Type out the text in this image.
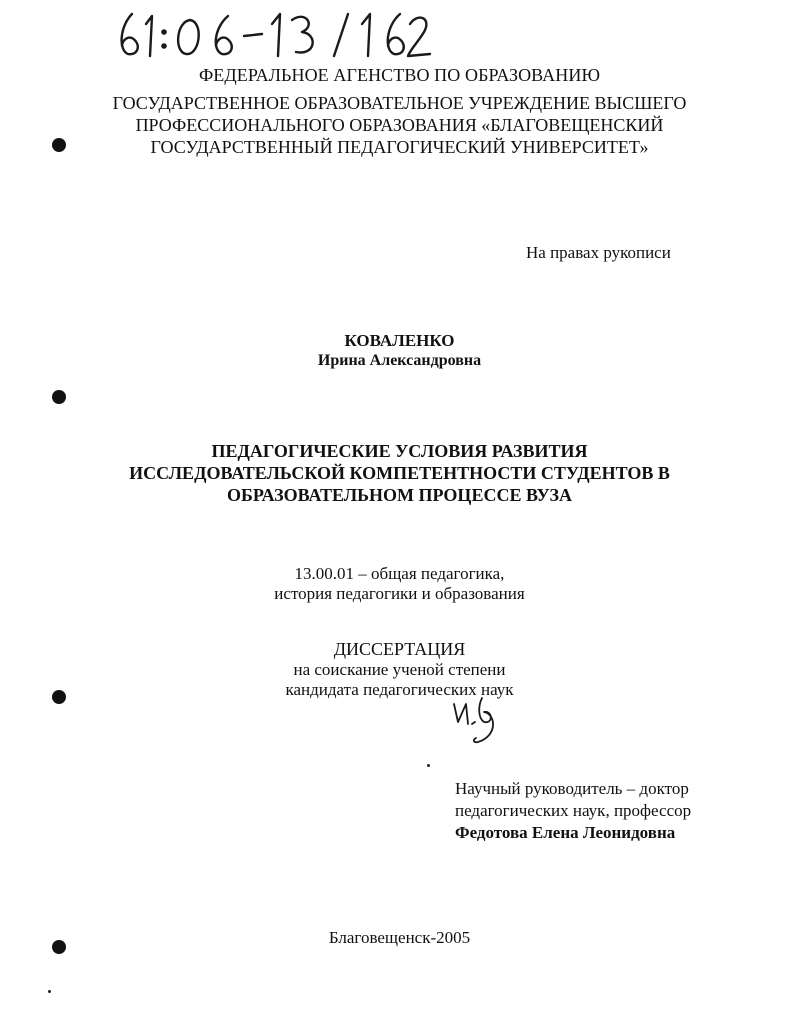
ФЕДЕРАЛЬНОЕ АГЕНСТВО ПО ОБРАЗОВАНИЮ
ГОСУДАРСТВЕННОЕ ОБРАЗОВАТЕЛЬНОЕ УЧРЕЖДЕНИЕ ВЫСШЕГО
ПРОФЕССИОНАЛЬНОГО ОБРАЗОВАНИЯ «БЛАГОВЕЩЕНСКИЙ
ГОСУДАРСТВЕННЫЙ ПЕДАГОГИЧЕСКИЙ УНИВЕРСИТЕТ»
На правах рукописи
КОВАЛЕНКО
Ирина Александровна
ПЕДАГОГИЧЕСКИЕ УСЛОВИЯ РАЗВИТИЯ
ИССЛЕДОВАТЕЛЬСКОЙ КОМПЕТЕНТНОСТИ СТУДЕНТОВ В
ОБРАЗОВАТЕЛЬНОМ ПРОЦЕССЕ ВУЗА
13.00.01 – общая педагогика,
история педагогики и образования
ДИССЕРТАЦИЯ
на соискание ученой степени
кандидата педагогических наук
Научный руководитель – доктор
педагогических наук, профессор
Федотова Елена Леонидовна
Благовещенск-2005
